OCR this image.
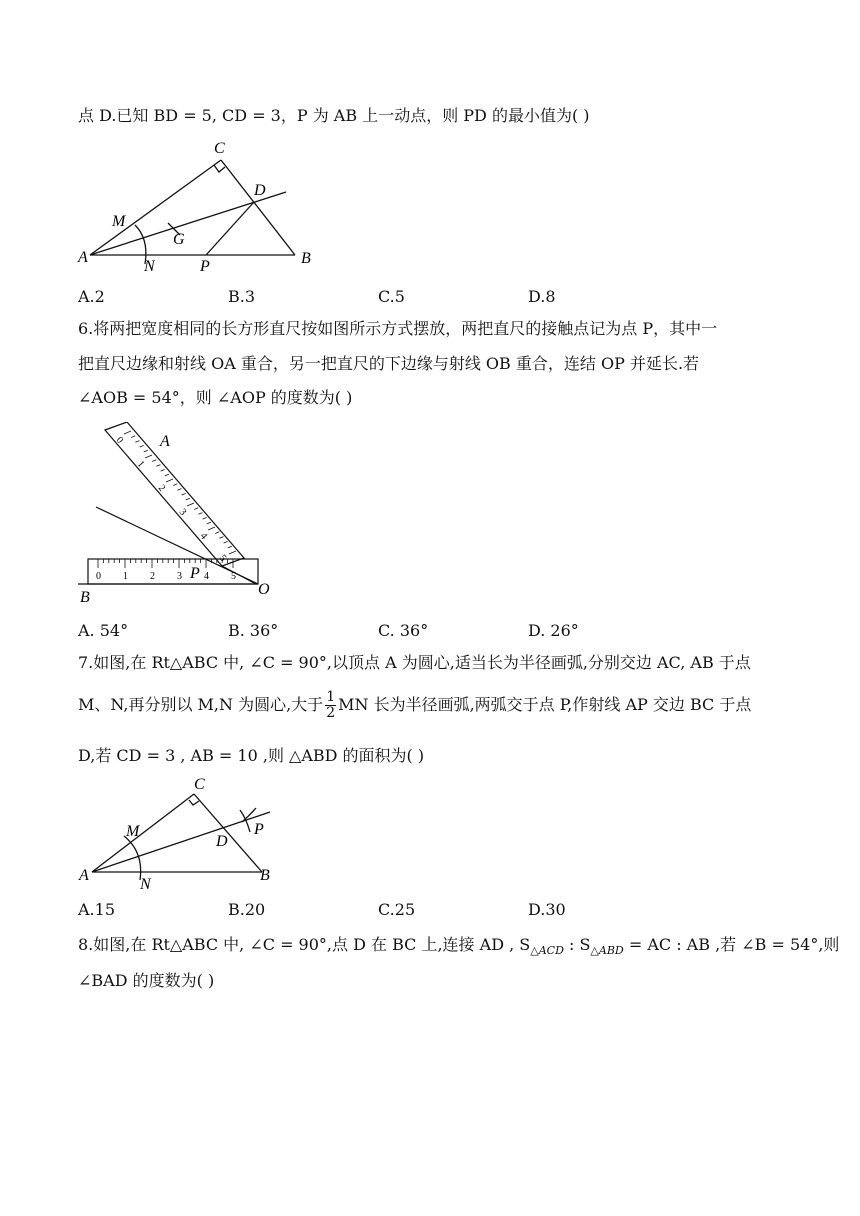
点 D.已知 BD = 5, CD = 3，P 为 AB 上一动点，则 PD 的最小值为( )
C
D
M
G
A
N	P	B
A.2	B.3	C.5	D.8
6.将两把宽度相同的长方形直尺按如图所示方式摆放，两把直尺的接触点记为点 P，其中一
把直尺边缘和射线 OA 重合，另一把直尺的下边缘与射线 OB 重合，连结 OP 并延长.若
∠AOB = 54°，则 ∠AOP 的度数为( )
0 1 2 3 4 5
0
1
2
3
4
5
A
P
O
B
A. 54°	B. 36°	C. 36°	D. 26°
7.如图,在 Rt△ABC 中, ∠C = 90°,以顶点 A 为圆心,适当长为半径画弧,分别交边 AC, AB 于点
M、N,再分别以 M,N 为圆心,大于 $\frac{1}{2}$ MN 长为半径画弧,两弧交于点 P,作射线 AP 交边 BC 于点
D,若 CD = 3 , AB = 10 ,则 △ABD 的面积为( )
C
M	P
D
A
N
B
A.15	B.20	C.25	D.30
8.如图,在 Rt△ABC 中, ∠C = 90°,点 D 在 BC 上,连接 AD , $S_{\triangle ACD}$ : $S_{\triangle ABD}$ = AC : AB ,若 ∠B = 54°,则
∠BAD 的度数为( )
